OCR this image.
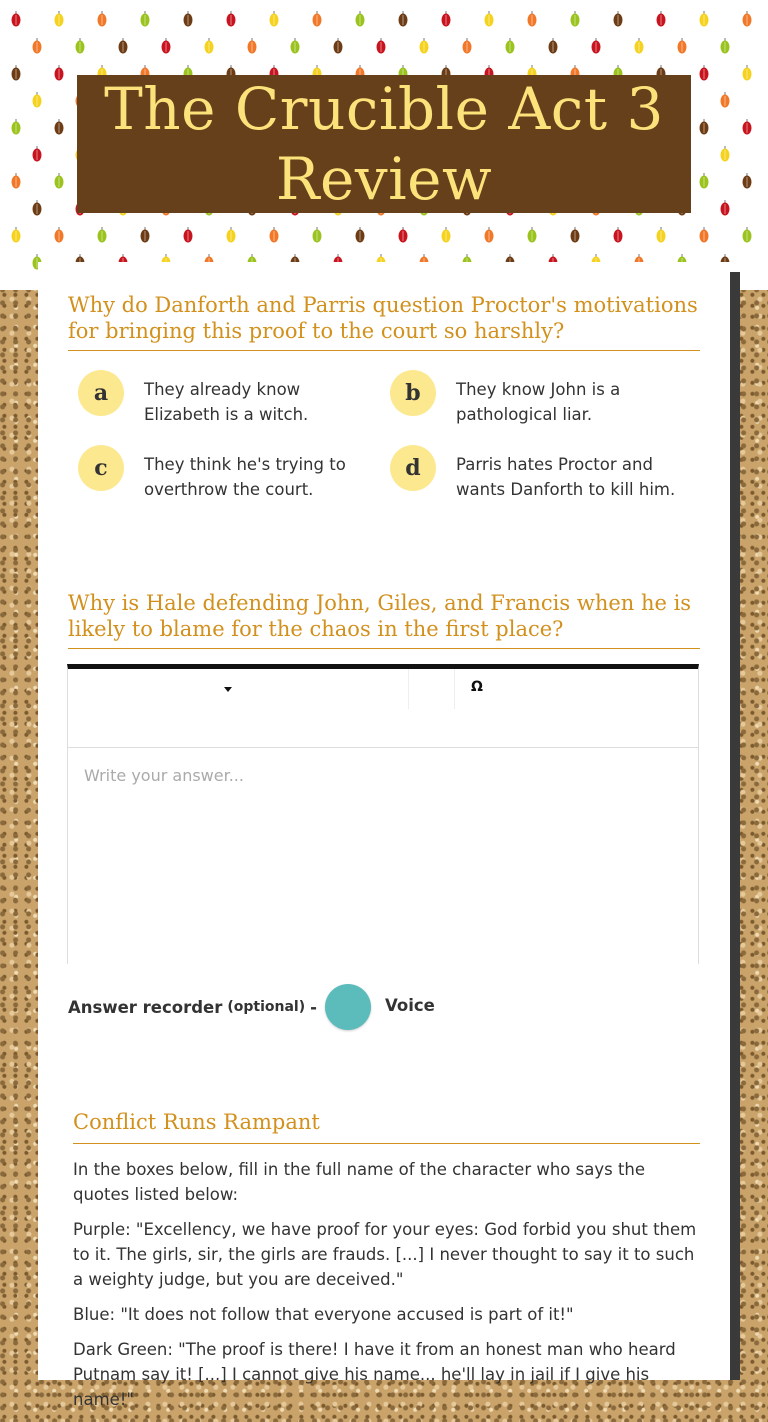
The Crucible Act 3 Review
Why do Danforth and Parris question Proctor's motivations for bringing this proof to the court so harshly?
a	They already know Elizabeth is a witch.
b	They know John is a pathological liar.
c	They think he's trying to overthrow the court.
d	Parris hates Proctor and wants Danforth to kill him.
Why is Hale defending John, Giles, and Francis when he is likely to blame for the chaos in the first place?
Ω
Write your answer...
Answer recorder (optional) -	Voice
Conflict Runs Rampant

In the boxes below, fill in the full name of the character who says the quotes listed below:

Purple: "Excellency, we have proof for your eyes: God forbid you shut them to it. The girls, sir, the girls are frauds. [...] I never thought to say it to such a weighty judge, but you are deceived."

Blue: "It does not follow that everyone accused is part of it!"

Dark Green: "The proof is there! I have it from an honest man who heard Putnam say it! [...] I cannot give his name... he'll lay in jail if I give his name!"
